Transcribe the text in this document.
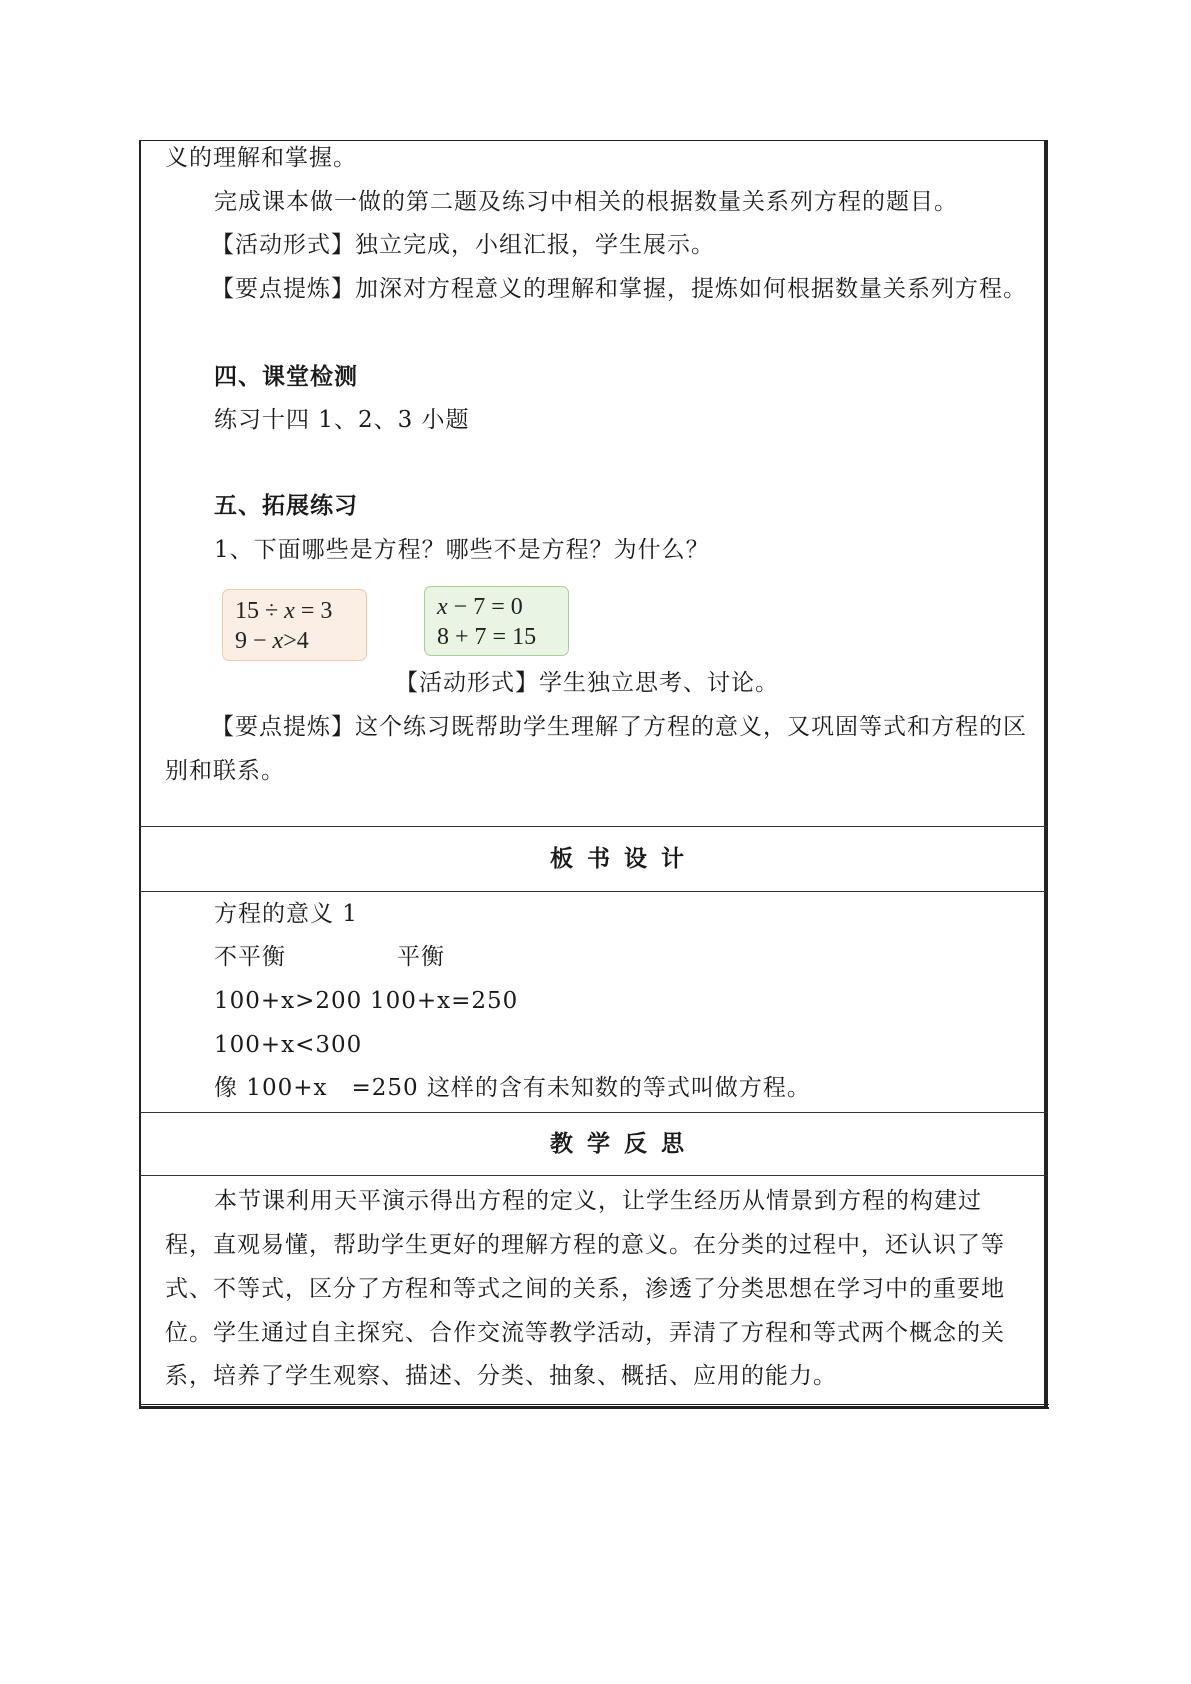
义的理解和掌握。
完成课本做一做的第二题及练习中相关的根据数量关系列方程的题目。
【活动形式】独立完成，小组汇报，学生展示。
【要点提炼】加深对方程意义的理解和掌握，提炼如何根据数量关系列方程。
四、课堂检测
练习十四 1、2、3 小题
五、拓展练习
1、下面哪些是方程？哪些不是方程？为什么？
15 ÷ x = 3
9 − x>4
x − 7 = 0
8 + 7 = 15
【活动形式】学生独立思考、讨论。
【要点提炼】这个练习既帮助学生理解了方程的意义，又巩固等式和方程的区
别和联系。
板书设计
方程的意义 1
不平衡	平衡
100+x>200 100+x=250
100+x<300
像 100+x　=250 这样的含有未知数的等式叫做方程。
教学反思
本节课利用天平演示得出方程的定义，让学生经历从情景到方程的构建过
程，直观易懂，帮助学生更好的理解方程的意义。在分类的过程中，还认识了等
式、不等式，区分了方程和等式之间的关系，渗透了分类思想在学习中的重要地
位。学生通过自主探究、合作交流等教学活动，弄清了方程和等式两个概念的关
系，培养了学生观察、描述、分类、抽象、概括、应用的能力。
